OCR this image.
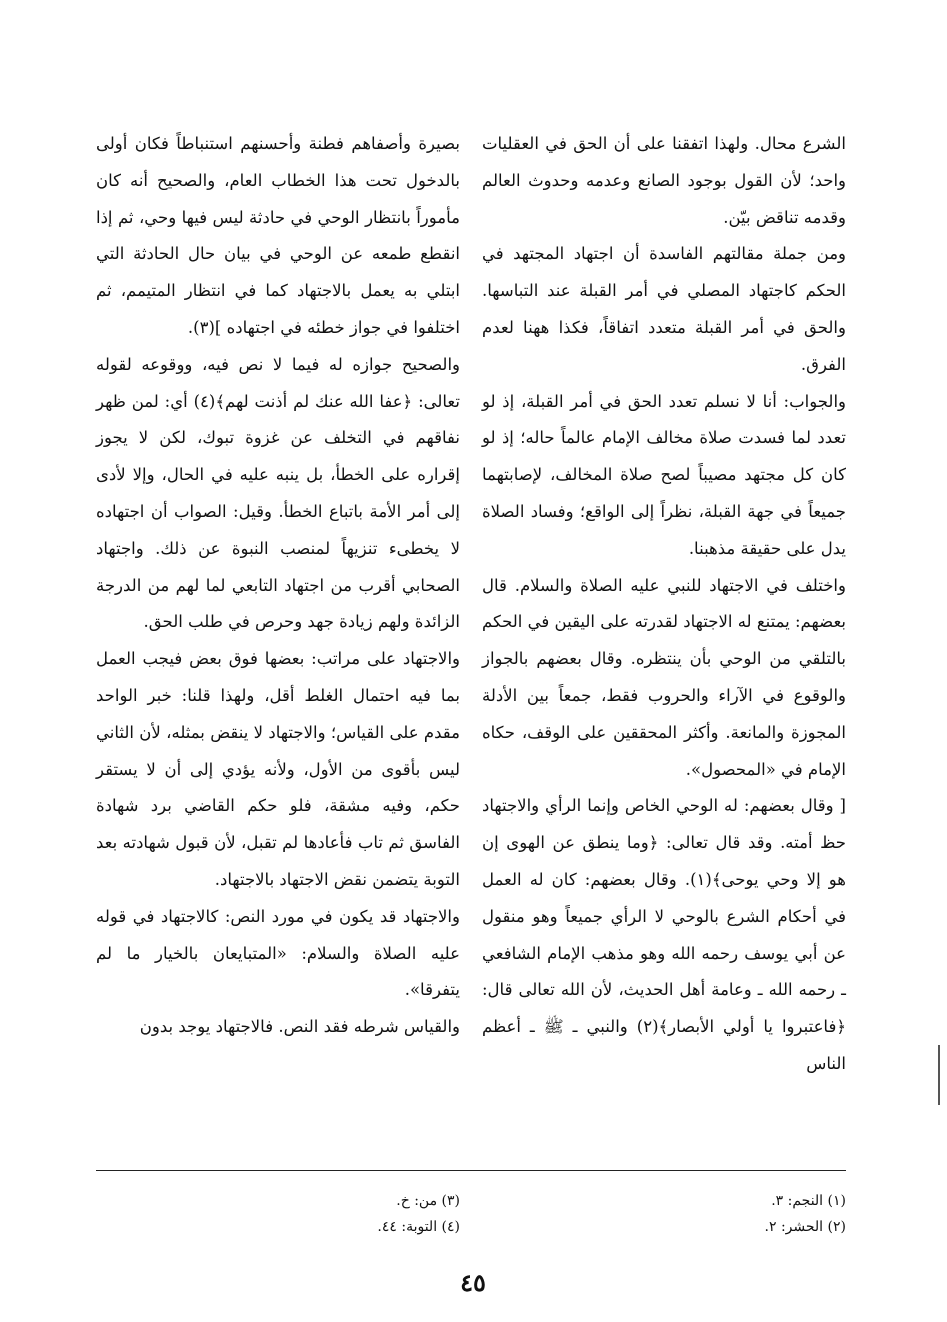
الشرع محال. ولهذا اتفقنا على أن الحق في العقليات واحد؛ لأن القول بوجود الصانع وعدمه وحدوث العالم وقدمه تناقض بيّن.

ومن جملة مقالتهم الفاسدة أن اجتهاد المجتهد في الحكم كاجتهاد المصلي في أمر القبلة عند التباسها. والحق في أمر القبلة متعدد اتفاقاً، فكذا ههنا لعدم الفرق.

والجواب: أنا لا نسلم تعدد الحق في أمر القبلة، إذ لو تعدد لما فسدت صلاة مخالف الإمام عالماً حاله؛ إذ لو كان كل مجتهد مصيباً لصح صلاة المخالف، لإصابتهما جميعاً في جهة القبلة، نظراً إلى الواقع؛ وفساد الصلاة يدل على حقيقة مذهبنا.

واختلف في الاجتهاد للنبي عليه الصلاة والسلام. قال بعضهم: يمتنع له الاجتهاد لقدرته على اليقين في الحكم بالتلقي من الوحي بأن ينتظره. وقال بعضهم بالجواز والوقوع في الآراء والحروب فقط، جمعاً بين الأدلة المجوزة والمانعة. وأكثر المحققين على الوقف، حكاه الإمام في «المحصول».

[ وقال بعضهم: له الوحي الخاص وإنما الرأي والاجتهاد حظ أمته. وقد قال تعالى: ﴿وما ينطق عن الهوى إن هو إلا وحي يوحى﴾(١). وقال بعضهم: كان له العمل في أحكام الشرع بالوحي لا الرأي جميعاً وهو منقول عن أبي يوسف رحمه الله وهو مذهب الإمام الشافعي ـ رحمه الله ـ وعامة أهل الحديث، لأن الله تعالى قال: ﴿فاعتبروا يا أولي الأبصار﴾(٢) والنبي ـ ﷺ ـ أعظم الناس

بصيرة وأصفاهم فطنة وأحسنهم استنباطاً فكان أولى بالدخول تحت هذا الخطاب العام، والصحيح أنه كان مأموراً بانتظار الوحي في حادثة ليس فيها وحي، ثم إذا انقطع طمعه عن الوحي في بيان حال الحادثة التي ابتلي به يعمل بالاجتهاد كما في انتظار المتيمم، ثم اختلفوا في جواز خطئه في اجتهاده ](٣).

والصحيح جوازه له فيما لا نص فيه، ووقوعه لقوله تعالى: ﴿عفا الله عنك لم أذنت لهم﴾(٤) أي: لمن ظهر نفاقهم في التخلف عن غزوة تبوك، لكن لا يجوز إقراره على الخطأ، بل ينبه عليه في الحال، وإلا لأدى إلى أمر الأمة باتباع الخطأ. وقيل: الصواب أن اجتهاده لا يخطىء تنزيهاً لمنصب النبوة عن ذلك. واجتهاد الصحابي أقرب من اجتهاد التابعي لما لهم من الدرجة الزائدة ولهم زيادة جهد وحرص في طلب الحق.

والاجتهاد على مراتب: بعضها فوق بعض فيجب العمل بما فيه احتمال الغلط أقل، ولهذا قلنا: خبر الواحد مقدم على القياس؛ والاجتهاد لا ينقض بمثله، لأن الثاني ليس بأقوى من الأول، ولأنه يؤدي إلى أن لا يستقر حكم، وفيه مشقة، فلو حكم القاضي برد شهادة الفاسق ثم تاب فأعادها لم تقبل، لأن قبول شهادته بعد التوبة يتضمن نقض الاجتهاد بالاجتهاد.

والاجتهاد قد يكون في مورد النص: كالاجتهاد في قوله عليه الصلاة والسلام: «المتبايعان بالخيار ما لم يتفرقا».

والقياس شرطه فقد النص. فالاجتهاد يوجد بدون

(١) النجم: ٣.
(٢) الحشر: ٢.
(٣) من: خ.
(٤) التوبة: ٤٤.
٤٥
